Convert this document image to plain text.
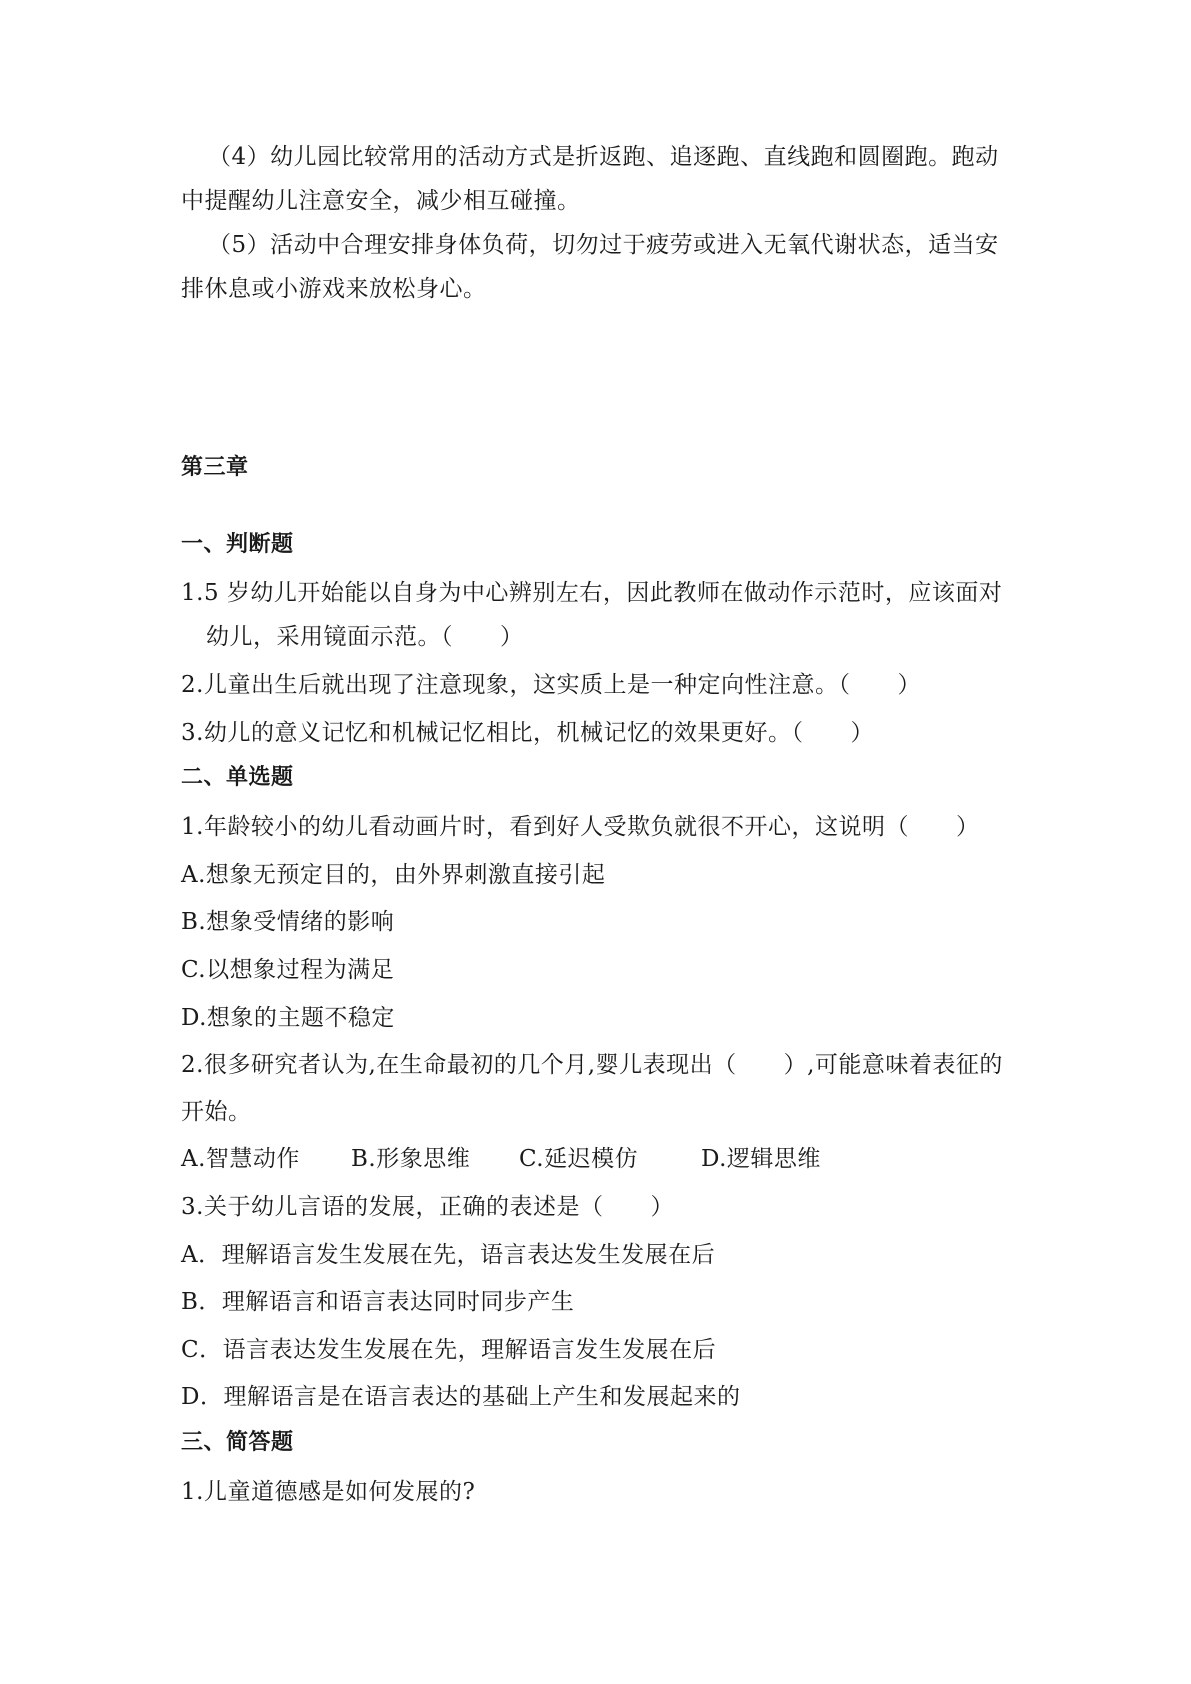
（4）幼儿园比较常用的活动方式是折返跑、追逐跑、直线跑和圆圈跑。跑动
中提醒幼儿注意安全，减少相互碰撞。
（5）活动中合理安排身体负荷，切勿过于疲劳或进入无氧代谢状态，适当安
排休息或小游戏来放松身心。
第三章
一、判断题
1.5 岁幼儿开始能以自身为中心辨别左右，因此教师在做动作示范时，应该面对
幼儿，采用镜面示范。（　　）
2.儿童出生后就出现了注意现象，这实质上是一种定向性注意。（　　）
3.幼儿的意义记忆和机械记忆相比，机械记忆的效果更好。（　　）
二、单选题
1.年龄较小的幼儿看动画片时，看到好人受欺负就很不开心，这说明（　　）
A.想象无预定目的，由外界刺激直接引起
B.想象受情绪的影响
C.以想象过程为满足
D.想象的主题不稳定
2.很多研究者认为,在生命最初的几个月,婴儿表现出（　　）,可能意味着表征的
开始。
A.智慧动作 B.形象思维 C.延迟模仿	D.逻辑思维
3.关于幼儿言语的发展，正确的表述是（　　）
A．理解语言发生发展在先，语言表达发生发展在后
B．理解语言和语言表达同时同步产生
C．语言表达发生发展在先，理解语言发生发展在后
D．理解语言是在语言表达的基础上产生和发展起来的
三、简答题
1.儿童道德感是如何发展的?
